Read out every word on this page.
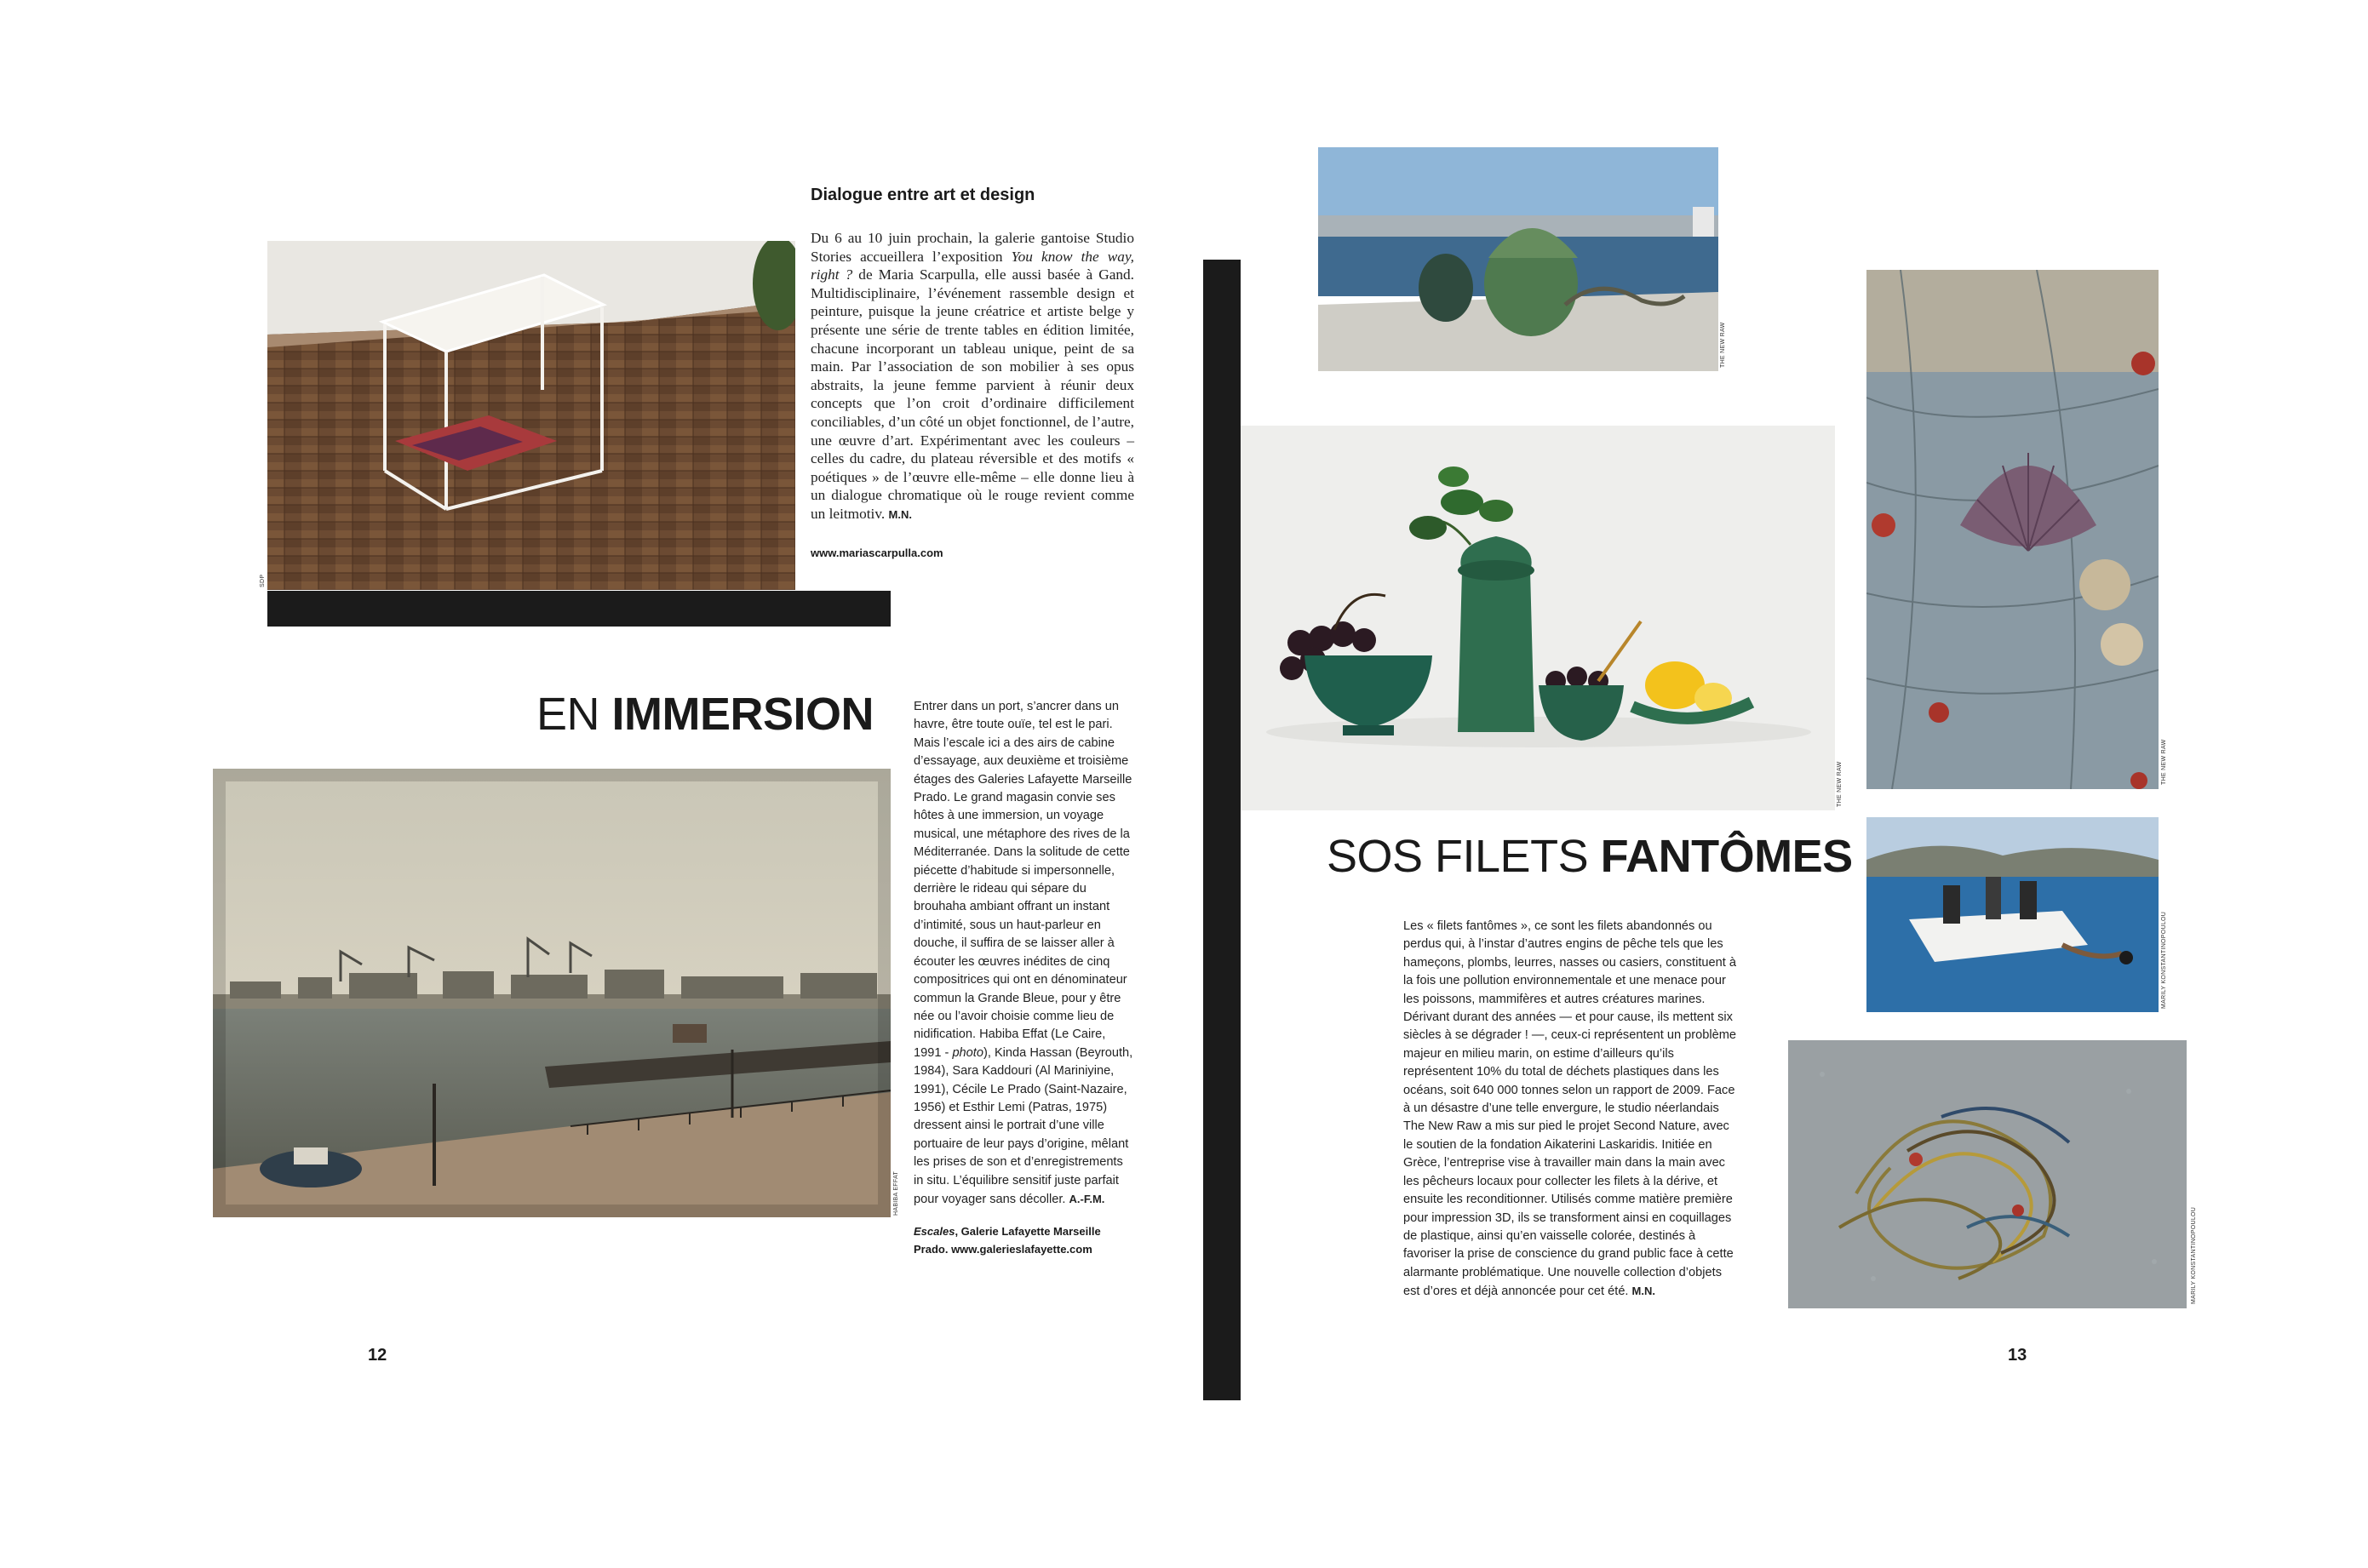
SDP
Dialogue entre art et design

Du 6 au 10 juin prochain, la galerie gantoise Studio Stories accueillera l’exposition You know the way, right ? de Maria Scarpulla, elle aussi basée à Gand. Multidisciplinaire, l’événement rassemble design et peinture, puisque la jeune créatrice et artiste belge y présente une série de trente tables en édition limitée, chacune incorporant un tableau unique, peint de sa main. Par l’association de son mobilier à ses opus abstraits, la jeune femme parvient à réunir deux concepts que l’on croit d’ordinaire difficilement conciliables, d’un côté un objet fonctionnel, de l’autre, une œuvre d’art. Expérimentant avec les couleurs – celles du cadre, du plateau réversible et des motifs « poétiques » de l’œuvre elle-même – elle donne lieu à un dialogue chromatique où le rouge revient comme un leitmotiv. M.N.

www.mariascarpulla.com
EN IMMERSION
HABIBA EFFAT

Entrer dans un port, s’ancrer dans un havre, être toute ouïe, tel est le pari. Mais l’escale ici a des airs de cabine d’essayage, aux deuxième et troisième étages des Galeries Lafayette Marseille Prado. Le grand magasin convie ses hôtes à une immersion, un voyage musical, une métaphore des rives de la Méditerranée. Dans la solitude de cette piécette d’habitude si impersonnelle, derrière le rideau qui sépare du brouhaha ambiant offrant un instant d’intimité, sous un haut-parleur en douche, il suffira de se laisser aller à écouter les œuvres inédites de cinq compositrices qui ont en dénominateur commun la Grande Bleue, pour y être née ou l’avoir choisie comme lieu de nidification. Habiba Effat (Le Caire, 1991 - photo), Kinda Hassan (Beyrouth, 1984), Sara Kaddouri (Al Mariniyine, 1991), Cécile Le Prado (Saint-Nazaire, 1956) et Esthir Lemi (Patras, 1975) dressent ainsi le portrait d’une ville portuaire de leur pays d’origine, mêlant les prises de son et d’enregistrements in situ. L’équilibre sensitif juste parfait pour voyager sans décoller. A.-F.M.

Escales, Galerie Lafayette Marseille Prado. www.galerieslafayette.com

12
THE NEW RAW
THE NEW RAW	THE NEW RAW
MARILY KONSTANTINOPOULOU
MARILY KONSTANTINOPOULOU
SOS FILETS FANTÔMES

Les « filets fantômes », ce sont les filets abandonnés ou perdus qui, à l’instar d’autres engins de pêche tels que les hameçons, plombs, leurres, nasses ou casiers, constituent à la fois une pollution environnementale et une menace pour les poissons, mammifères et autres créatures marines. Dérivant durant des années — et pour cause, ils mettent six siècles à se dégrader ! —, ceux-ci représentent un problème majeur en milieu marin, on estime d’ailleurs qu’ils représentent 10% du total de déchets plastiques dans les océans, soit 640 000 tonnes selon un rapport de 2009. Face à un désastre d’une telle envergure, le studio néerlandais The New Raw a mis sur pied le projet Second Nature, avec le soutien de la fondation Aikaterini Laskaridis. Initiée en Grèce, l’entreprise vise à travailler main dans la main avec les pêcheurs locaux pour collecter les filets à la dérive, et ensuite les reconditionner. Utilisés comme matière première pour impression 3D, ils se transforment ainsi en coquillages de plastique, ainsi qu’en vaisselle colorée, destinés à favoriser la prise de conscience du grand public face à cette alarmante problématique. Une nouvelle collection d’objets est d’ores et déjà annoncée pour cet été. M.N.

13
